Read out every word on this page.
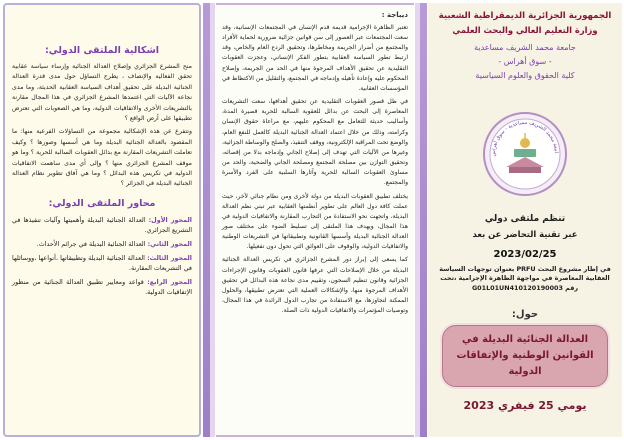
اشكالية الملتقى الدولي:

منح المشرع الجزائري وإصلاح العدالة الجنائية وإرساء سياسة عقابية تحقق الفعالية والإنصاف ، يطرح التساؤل حول مدى قدرة العدالة الجنائية البديلة على تحقيق أهداف السياسة العقابية الحديثة، وما مدى نجاعة الآليات التي اعتمدها المشرع الجزائري في هذا المجال مقارنة بالتشريعات الأخرى والاتفاقيات الدولية، وما هي الصعوبات التي تعترض تطبيقها على أرض الواقع ؟

وتتفرع عن هذه الإشكالية مجموعة من التساؤلات الفرعية منها: ما المقصود بالعدالة الجنائية البديلة وما هي أسسها وصورها ؟ وكيف تعاملت التشريعات المقارنة مع بدائل العقوبات السالبة للحرية ؟ وما هو موقف المشرع الجزائري منها ؟ وإلى أي مدى ساهمت الاتفاقيات الدولية في تكريس هذه البدائل ؟ وما هي آفاق تطوير نظام العدالة الجنائية البديلة في الجزائر ؟

محاور الملتقى الدولي:
المحور الأول: العدالة الجنائية البديلة وأهميتها وآليات تنفيذها في التشريع الجزائري.
المحور الثاني: العدالة الجنائية البديلة في جرائم الأحداث.
المحور الثالث: العدالة الجنائية البديلة وتطبيقاتها ،أنواعها ،ووسائلها في التشريعات المقارنة.
المحور الرابع: قواعد ومعايير تطبيق العدالة الجنائية من منظور الإتفاقيات الدولية.
ديباجة :

تعتبر الظاهرة الإجرامية قديمة قدم الإنسان في المجتمعات الإنسانية، وقد سعت المجتمعات عبر العصور إلى سن قوانين جزائية ضرورية لحماية الأفراد والمجتمع من أضرار الجريمة ومخاطرها، وتحقيق الردع العام والخاص، وقد ارتبط تطور السياسة العقابية بتطور الفكر الإنساني، وعجزت العقوبات التقليدية عن تحقيق الأهداف المرجوة منها في الحد من الجريمة، وإصلاح المحكوم عليه وإعادة تأهيله وإدماجه في المجتمع، والتقليل من الاكتظاظ في المؤسسات العقابية.

في ظل قصور العقوبات التقليدية عن تحقيق أهدافها، سعت التشريعات المعاصرة إلى البحث عن بدائل للعقوبة السالبة للحرية قصيرة المدة، وأساليب حديثة للتعامل مع المحكوم عليهم، مع مراعاة حقوق الإنسان وكرامته، وذلك من خلال اعتماد العدالة الجنائية البديلة كالعمل للنفع العام، والوضع تحت المراقبة الإلكترونية، ووقف التنفيذ، والصلح والوساطة الجزائية، وغيرها من الآليات التي تهدف إلى إصلاح الجاني وإدماجه بدلا من إقصائه، وتحقيق التوازن بين مصلحة المجتمع ومصلحة الجاني والضحية، والحد من مساوئ العقوبات السالبة للحرية وآثارها السلبية على الفرد والأسرة والمجتمع.

يختلف تطبيق العقوبات البديلة من دولة لأخرى ومن نظام جنائي لآخر، حيث عملت كافة دول العالم على تطوير أنظمتها العقابية عبر تبني نظم العدالة البديلة، واتجهت نحو الاستفادة من التجارب المقارنة والاتفاقيات الدولية في هذا المجال، ويهدف هذا الملتقى إلى تسليط الضوء على مختلف صور العدالة الجنائية البديلة وأسسها القانونية وتطبيقاتها في التشريعات الوطنية والاتفاقيات الدولية، والوقوف على العوائق التي تحول دون تفعيلها.

كما يسعى إلى إبراز دور المشرع الجزائري في تكريس العدالة الجنائية البديلة من خلال الإصلاحات التي عرفها قانون العقوبات وقانون الإجراءات الجزائية وقانون تنظيم السجون، وتقييم مدى نجاعة هذه البدائل في تحقيق الأهداف المرجوة منها، والإشكالات العملية التي تعترض تطبيقها، والحلول الممكنة لتجاوزها، مع الاستفادة من تجارب الدول الرائدة في هذا المجال، وتوصيات المؤتمرات والاتفاقيات الدولية ذات الصلة.

الجمهورية الجزائرية الديمقراطية الشعبية
وزارة التعليم العالي والبحث العلمي
جامعة محمد الشريف مساعدية
- سوق أهراس -
كلية الحقوق والعلوم السياسية
امعة محمد الشريف مساعدية - سوق أهراس
تنظم ملتقى دولي
عبر تقنية التحاضر عن بعد
2023/02/25
في إطار مشروع البحث PRFU بعنوان توجهات السياسة العقابية المعاصرة في مواجهة الظاهرة الإجرامية ،تحت رقم G01L01UN410120190003
حول:
العدالة الجنائية البديلة في
القوانين الوطنية والإتفاقات
الدولية
يومي 25 فيفري 2023
